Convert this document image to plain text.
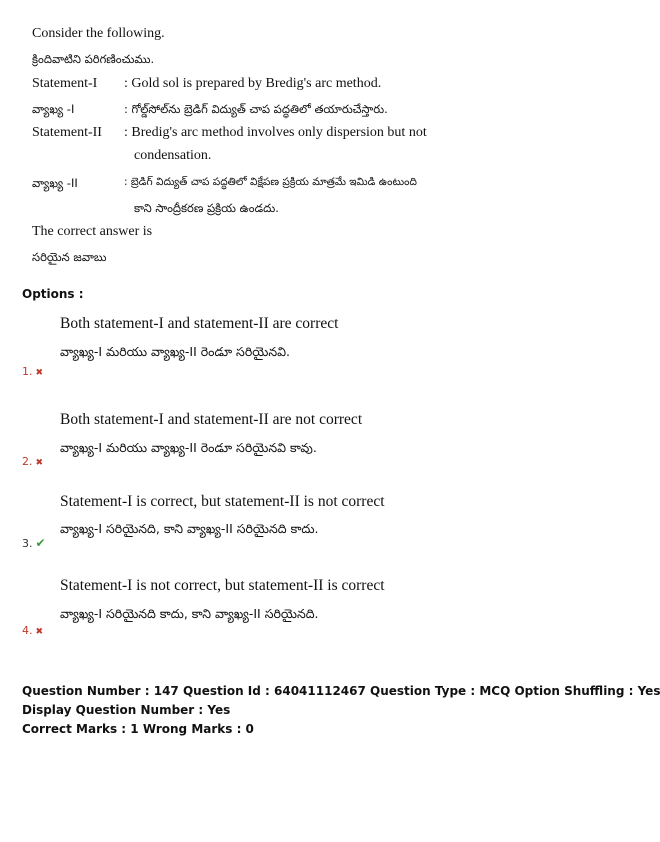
Consider the following.
క్రిందివాటిని పరిగణించుము.
Statement-I : Gold sol is prepared by Bredig's arc method.
వ్యాఖ్య -I	: గోల్డ్‌సోల్‌ను బ్రెడిగ్ విద్యుత్ చాప పద్ధతిలో తయారుచేస్తారు.
Statement-II : Bredig's arc method involves only dispersion but not
condensation.
వ్యాఖ్య -II	: బ్రెడిగ్ విద్యుత్ చాప పద్ధతిలో విక్షేపణ ప్రక్రియ మాత్రమే ఇమిడి ఉంటుంది
కాని సాంద్రీకరణ ప్రక్రియ ఉండదు.
The correct answer is
సరియైన జవాబు
Options :
Both statement-I and statement-II are correct
వ్యాఖ్య-I మరియు వ్యాఖ్య-II రెండూ సరియైనవి.
1. ✖
Both statement-I and statement-II are not correct
వ్యాఖ్య-I మరియు వ్యాఖ్య-II రెండూ సరియైనవి కావు.
2. ✖
Statement-I is correct, but statement-II is not correct
వ్యాఖ్య-I సరియైనది, కాని వ్యాఖ్య-II సరియైనది కాదు.
3. ✔
Statement-I is not correct, but statement-II is correct
వ్యాఖ్య-I సరియైనది కాదు, కాని వ్యాఖ్య-II సరియైనది.
4. ✖
Question Number : 147 Question Id : 64041112467 Question Type : MCQ Option Shuffling : Yes
Display Question Number : Yes
Correct Marks : 1 Wrong Marks : 0
